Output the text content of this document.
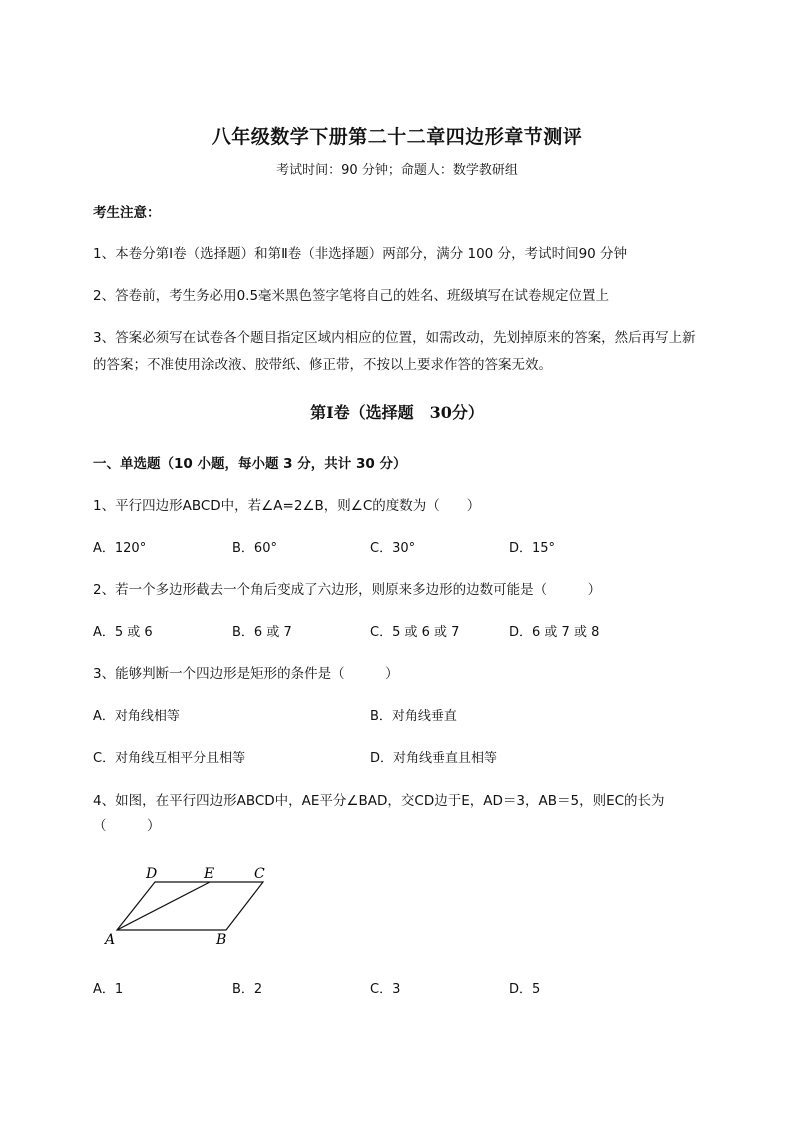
八年级数学下册第二十二章四边形章节测评
考试时间：90 分钟；命题人：数学教研组
考生注意：
1、本卷分第Ⅰ卷（选择题）和第Ⅱ卷（非选择题）两部分，满分 100 分，考试时间90 分钟
2、答卷前，考生务必用0.5毫米黑色签字笔将自己的姓名、班级填写在试卷规定位置上
3、答案必须写在试卷各个题目指定区域内相应的位置，如需改动，先划掉原来的答案，然后再写上新
的答案；不准使用涂改液、胶带纸、修正带，不按以上要求作答的答案无效。
第Ⅰ卷（选择题　30分）
一、单选题（10 小题，每小题 3 分，共计 30 分）
1、平行四边形ABCD中，若∠A=2∠B，则∠C的度数为（　　）
A．120°	B．60°	C．30°	D．15°
2、若一个多边形截去一个角后变成了六边形，则原来多边形的边数可能是（　　　）
A．5 或 6	B．6 或 7	C．5 或 6 或 7	D．6 或 7 或 8
3、能够判断一个四边形是矩形的条件是（　　　）
A．对角线相等	B．对角线垂直
C．对角线互相平分且相等	D．对角线垂直且相等
4、如图，在平行四边形ABCD中，AE平分∠BAD，交CD边于E，AD＝3，AB＝5，则EC的长为
（　　　）
D	E	C
A	B
A．1	B．2	C．3	D．5
